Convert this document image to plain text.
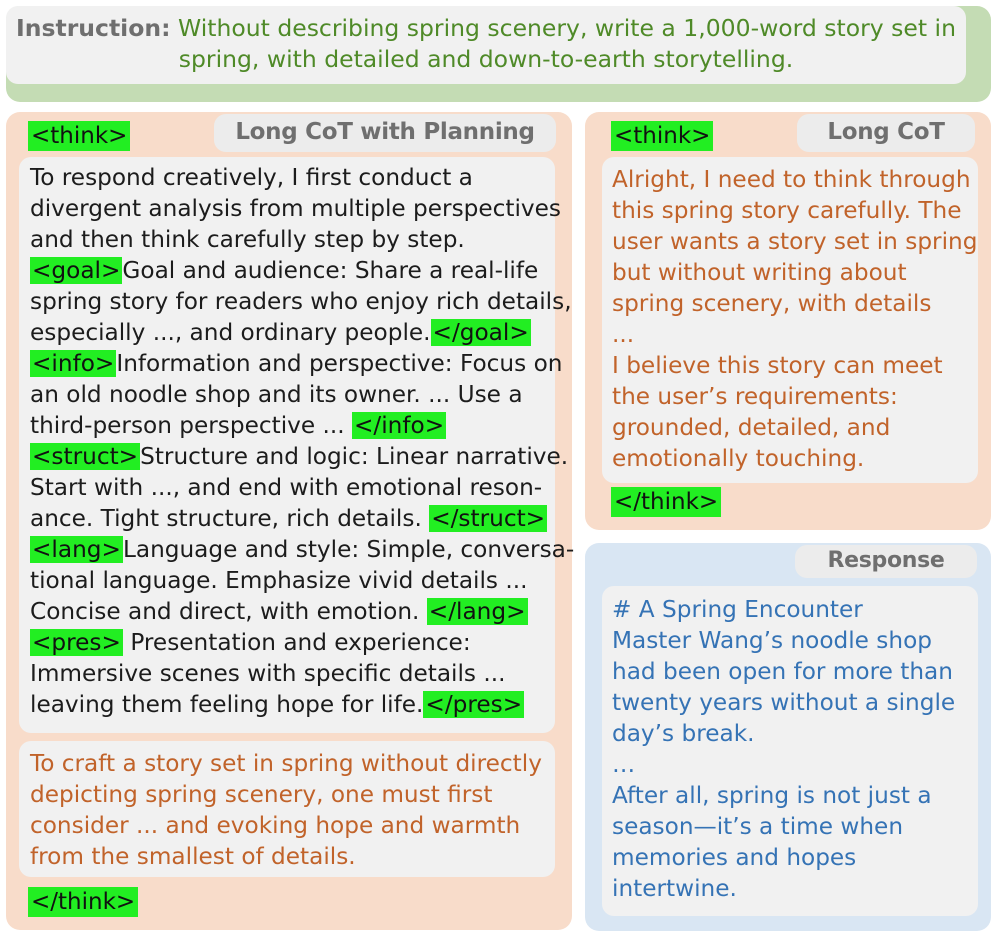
Instruction: Without describing spring scenery, write a 1,000-word story set in
spring, with detailed and down-to-earth storytelling.
Long CoT with Planning
<think>
To respond creatively, I first conduct a
divergent analysis from multiple perspectives
and then think carefully step by step.
<goal>Goal and audience: Share a real-life
spring story for readers who enjoy rich details,
especially ..., and ordinary people.</goal>
<info>Information and perspective: Focus on
an old noodle shop and its owner. ... Use a
third-person perspective ... </info>
<struct>Structure and logic: Linear narrative.
Start with ..., and end with emotional reson-
ance. Tight structure, rich details. </struct>
<lang>Language and style: Simple, conversa-
tional language. Emphasize vivid details ...
Concise and direct, with emotion. </lang>
<pres> Presentation and experience:
Immersive scenes with specific details ...
leaving them feeling hope for life.</pres>
To craft a story set in spring without directly
depicting spring scenery, one must first
consider ... and evoking hope and warmth
from the smallest of details.
</think>
Long CoT
<think>
Alright, I need to think through
this spring story carefully. The
user wants a story set in spring
but without writing about
spring scenery, with details
...
I believe this story can meet
the user’s requirements:
grounded, detailed, and
emotionally touching.
</think>
Response
# A Spring Encounter
Master Wang’s noodle shop
had been open for more than
twenty years without a single
day’s break.
…
After all, spring is not just a
season—it’s a time when
memories and hopes
intertwine.
